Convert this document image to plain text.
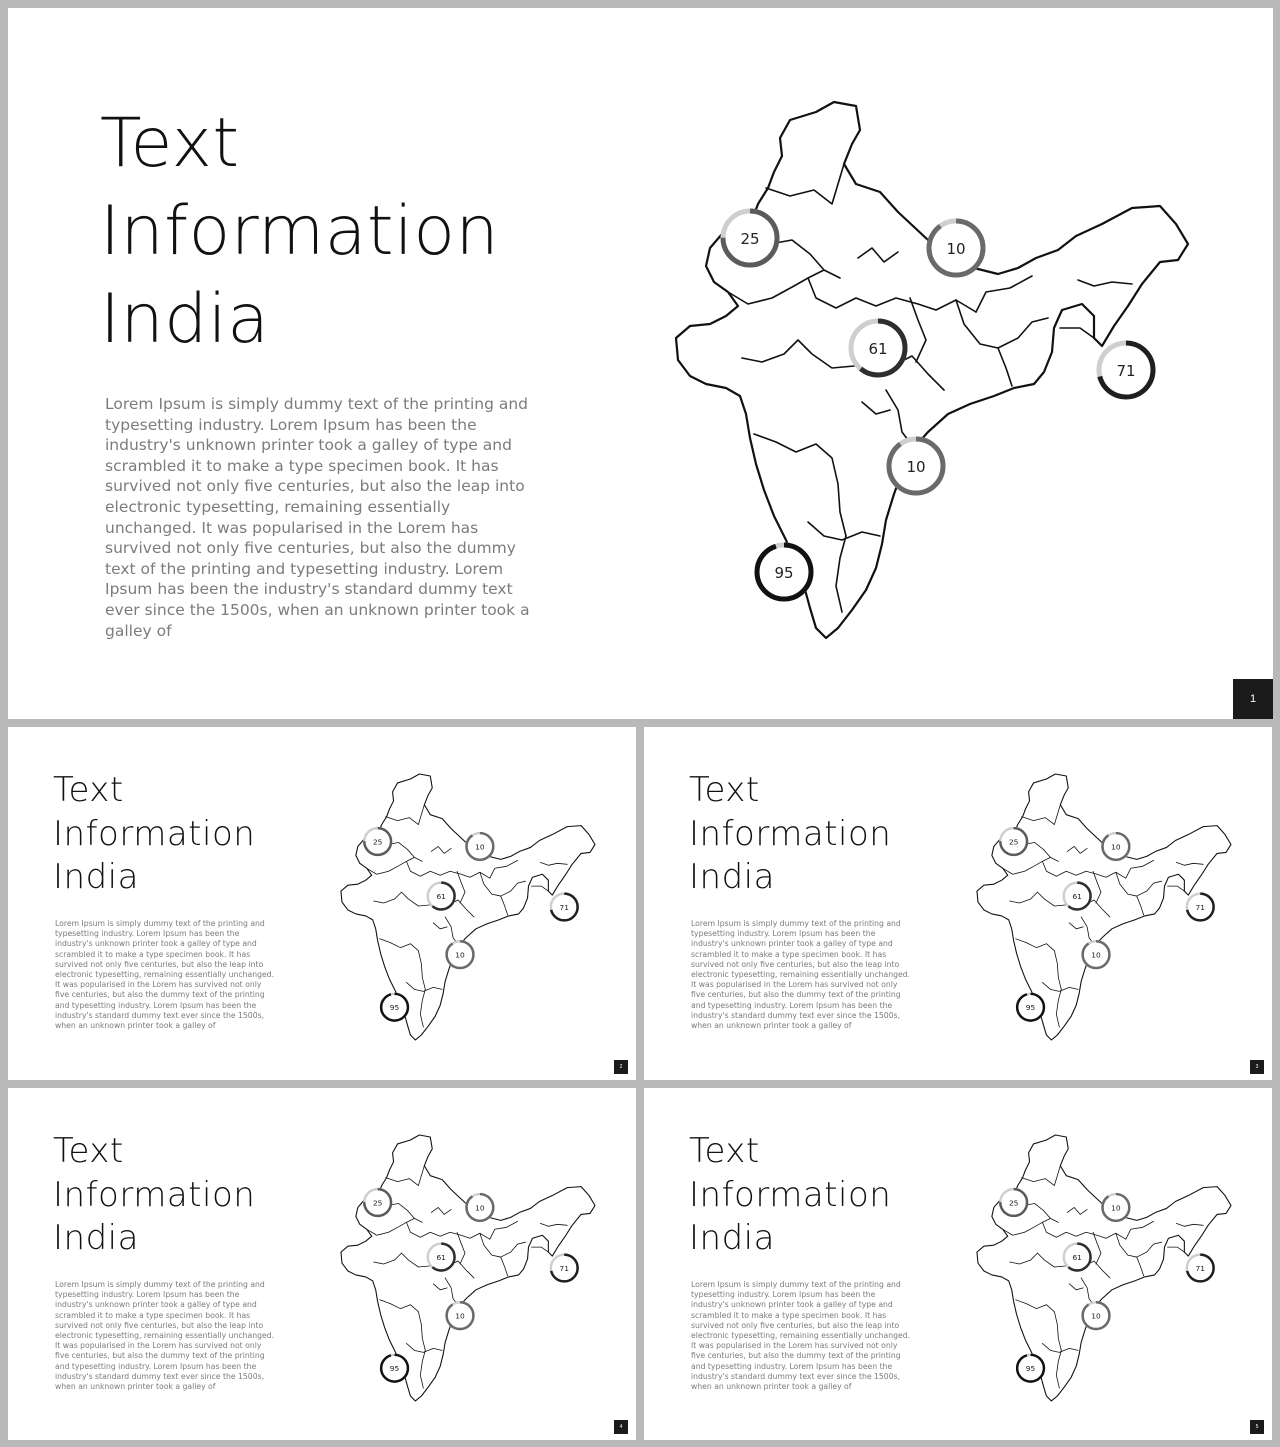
Text
Information
India

Lorem Ipsum is simply dummy text of the printing and typesetting industry. Lorem Ipsum has been the industry's unknown printer took a galley of type and scrambled it to make a type specimen book. It has survived not only five centuries, but also the leap into electronic typesetting, remaining essentially unchanged. It was popularised in the Lorem has survived not only five centuries, but also the dummy text of the printing and typesetting industry. Lorem Ipsum has been the industry's standard dummy text ever since the 1500s, when an unknown printer took a galley of

25
10
61
71
10
95
1
Text
Information
India

Lorem Ipsum is simply dummy text of the printing and typesetting industry. Lorem Ipsum has been the industry's unknown printer took a galley of type and scrambled it to make a type specimen book. It has survived not only five centuries, but also the leap into electronic typesetting, remaining essentially unchanged. It was popularised in the Lorem has survived not only five centuries, but also the dummy text of the printing and typesetting industry. Lorem Ipsum has been the industry's standard dummy text ever since the 1500s, when an unknown printer took a galley of

25
10
61
71
10
95
2
Text
Information
India

Lorem Ipsum is simply dummy text of the printing and typesetting industry. Lorem Ipsum has been the industry's unknown printer took a galley of type and scrambled it to make a type specimen book. It has survived not only five centuries, but also the leap into electronic typesetting, remaining essentially unchanged. It was popularised in the Lorem has survived not only five centuries, but also the dummy text of the printing and typesetting industry. Lorem Ipsum has been the industry's standard dummy text ever since the 1500s, when an unknown printer took a galley of

25
10
61
71
10
95
3
Text
Information
India

Lorem Ipsum is simply dummy text of the printing and typesetting industry. Lorem Ipsum has been the industry's unknown printer took a galley of type and scrambled it to make a type specimen book. It has survived not only five centuries, but also the leap into electronic typesetting, remaining essentially unchanged. It was popularised in the Lorem has survived not only five centuries, but also the dummy text of the printing and typesetting industry. Lorem Ipsum has been the industry's standard dummy text ever since the 1500s, when an unknown printer took a galley of

25
10
61
71
10
95
4
Text
Information
India

Lorem Ipsum is simply dummy text of the printing and typesetting industry. Lorem Ipsum has been the industry's unknown printer took a galley of type and scrambled it to make a type specimen book. It has survived not only five centuries, but also the leap into electronic typesetting, remaining essentially unchanged. It was popularised in the Lorem has survived not only five centuries, but also the dummy text of the printing and typesetting industry. Lorem Ipsum has been the industry's standard dummy text ever since the 1500s, when an unknown printer took a galley of

25
10
61
71
10
95
5
